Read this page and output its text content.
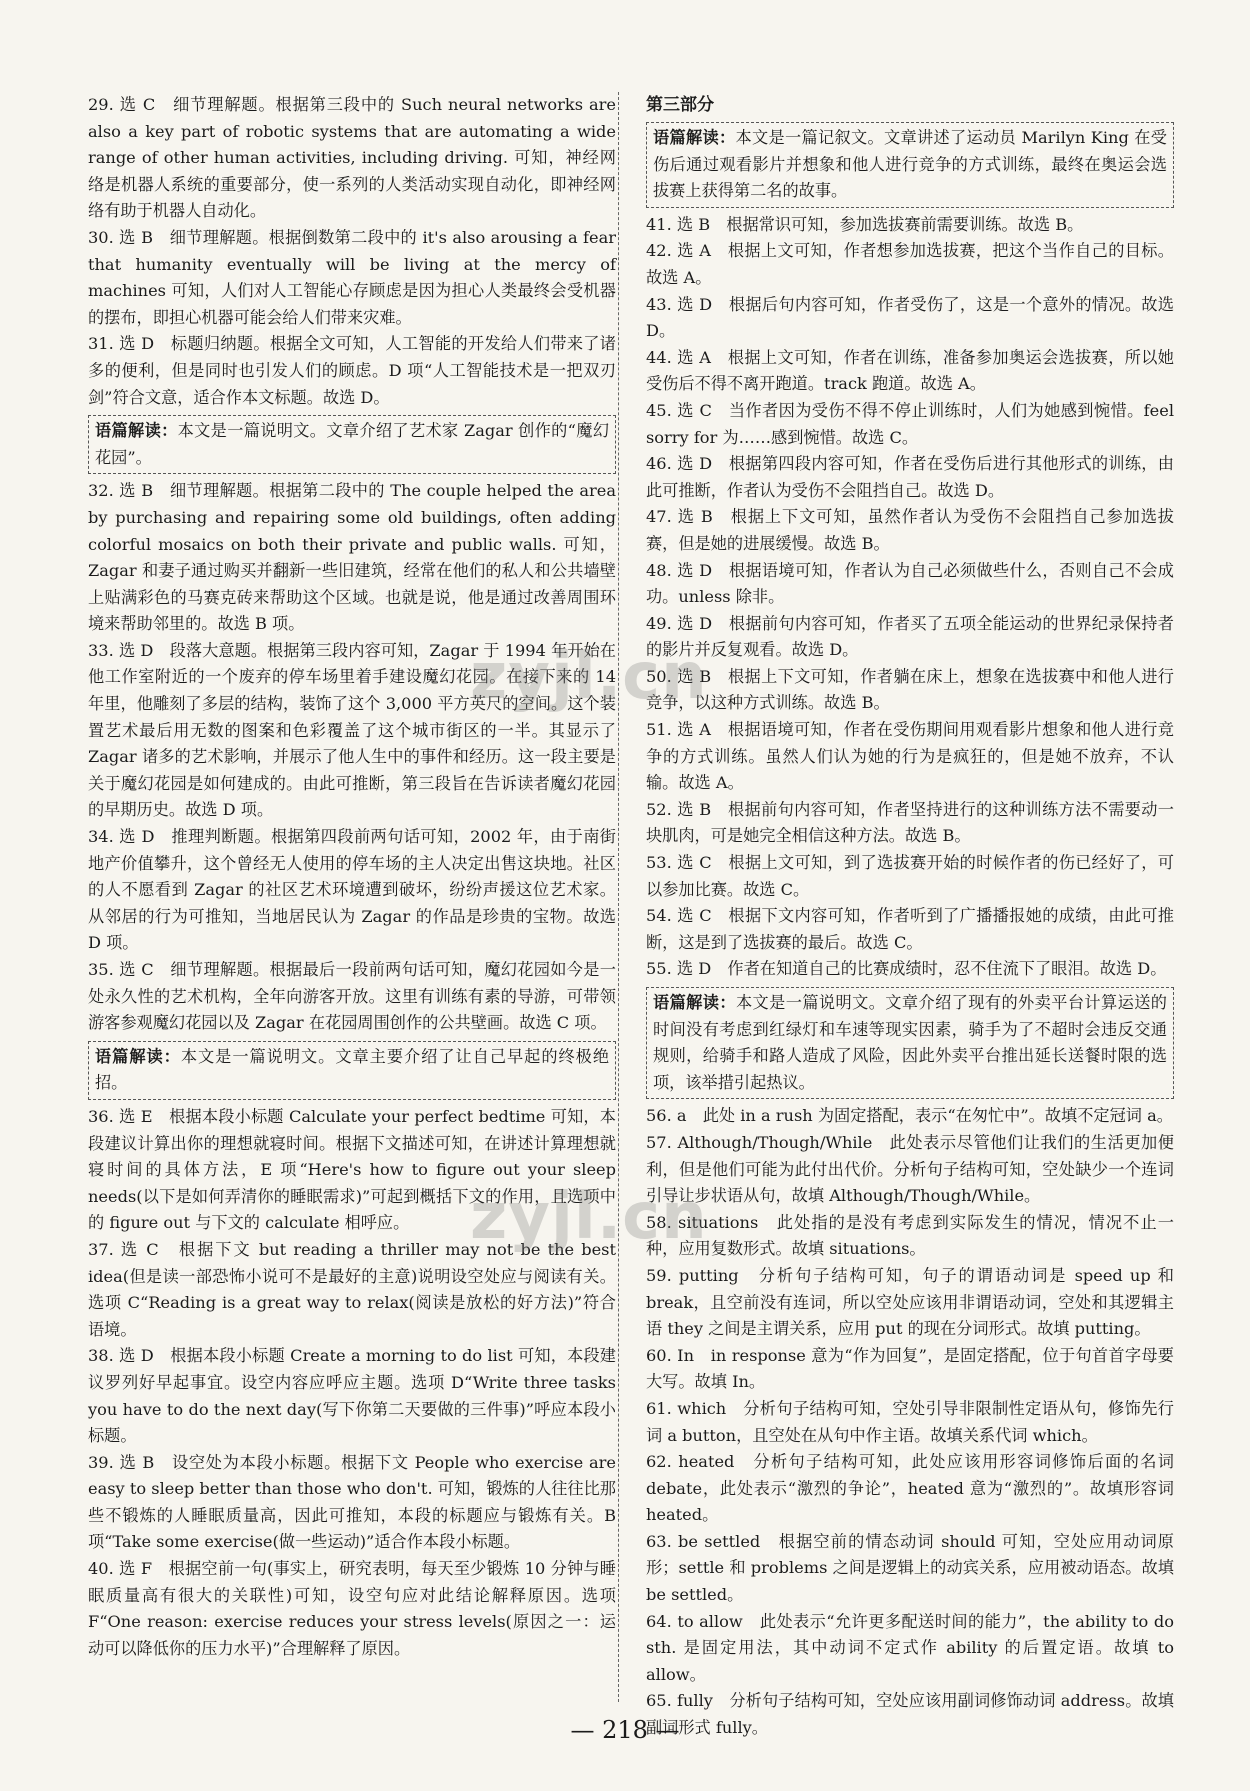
29. 选 C　细节理解题。根据第三段中的 Such neural networks are also a key part of robotic systems that are automating a wide range of other human activities, including driving. 可知，神经网络是机器人系统的重要部分，使一系列的人类活动实现自动化，即神经网络有助于机器人自动化。

30. 选 B　细节理解题。根据倒数第二段中的 it's also arousing a fear that humanity eventually will be living at the mercy of machines 可知，人们对人工智能心存顾虑是因为担心人类最终会受机器的摆布，即担心机器可能会给人们带来灾难。

31. 选 D　标题归纳题。根据全文可知，人工智能的开发给人们带来了诸多的便利，但是同时也引发人们的顾虑。D 项“人工智能技术是一把双刃剑”符合文意，适合作本文标题。故选 D。

语篇解读：本文是一篇说明文。文章介绍了艺术家 Zagar 创作的“魔幻花园”。

32. 选 B　细节理解题。根据第二段中的 The couple helped the area by purchasing and repairing some old buildings, often adding colorful mosaics on both their private and public walls. 可知，Zagar 和妻子通过购买并翻新一些旧建筑，经常在他们的私人和公共墙壁上贴满彩色的马赛克砖来帮助这个区域。也就是说，他是通过改善周围环境来帮助邻里的。故选 B 项。

33. 选 D　段落大意题。根据第三段内容可知，Zagar 于 1994 年开始在他工作室附近的一个废弃的停车场里着手建设魔幻花园。在接下来的 14 年里，他雕刻了多层的结构，装饰了这个 3,000 平方英尺的空间。这个装置艺术最后用无数的图案和色彩覆盖了这个城市街区的一半。其显示了 Zagar 诸多的艺术影响，并展示了他人生中的事件和经历。这一段主要是关于魔幻花园是如何建成的。由此可推断，第三段旨在告诉读者魔幻花园的早期历史。故选 D 项。

34. 选 D　推理判断题。根据第四段前两句话可知，2002 年，由于南街地产价值攀升，这个曾经无人使用的停车场的主人决定出售这块地。社区的人不愿看到 Zagar 的社区艺术环境遭到破坏，纷纷声援这位艺术家。从邻居的行为可推知，当地居民认为 Zagar 的作品是珍贵的宝物。故选 D 项。

35. 选 C　细节理解题。根据最后一段前两句话可知，魔幻花园如今是一处永久性的艺术机构，全年向游客开放。这里有训练有素的导游，可带领游客参观魔幻花园以及 Zagar 在花园周围创作的公共壁画。故选 C 项。

语篇解读：本文是一篇说明文。文章主要介绍了让自己早起的终极绝招。

36. 选 E　根据本段小标题 Calculate your perfect bedtime 可知，本段建议计算出你的理想就寝时间。根据下文描述可知，在讲述计算理想就寝时间的具体方法，E 项“Here's how to figure out your sleep needs(以下是如何弄清你的睡眠需求)”可起到概括下文的作用，且选项中的 figure out 与下文的 calculate 相呼应。

37. 选 C　根据下文 but reading a thriller may not be the best idea(但是读一部恐怖小说可不是最好的主意)说明设空处应与阅读有关。选项 C“Reading is a great way to relax(阅读是放松的好方法)”符合语境。

38. 选 D　根据本段小标题 Create a morning to do list 可知，本段建议罗列好早起事宜。设空内容应呼应主题。选项 D“Write three tasks you have to do the next day(写下你第二天要做的三件事)”呼应本段小标题。

39. 选 B　设空处为本段小标题。根据下文 People who exercise are easy to sleep better than those who don't. 可知，锻炼的人往往比那些不锻炼的人睡眠质量高，因此可推知，本段的标题应与锻炼有关。B 项“Take some exercise(做一些运动)”适合作本段小标题。

40. 选 F　根据空前一句(事实上，研究表明，每天至少锻炼 10 分钟与睡眠质量高有很大的关联性)可知，设空句应对此结论解释原因。选项 F“One reason: exercise reduces your stress levels(原因之一：运动可以降低你的压力水平)”合理解释了原因。

第三部分

语篇解读：本文是一篇记叙文。文章讲述了运动员 Marilyn King 在受伤后通过观看影片并想象和他人进行竞争的方式训练，最终在奥运会选拔赛上获得第二名的故事。

41. 选 B　根据常识可知，参加选拔赛前需要训练。故选 B。

42. 选 A　根据上文可知，作者想参加选拔赛，把这个当作自己的目标。故选 A。

43. 选 D　根据后句内容可知，作者受伤了，这是一个意外的情况。故选 D。

44. 选 A　根据上文可知，作者在训练，准备参加奥运会选拔赛，所以她受伤后不得不离开跑道。track 跑道。故选 A。

45. 选 C　当作者因为受伤不得不停止训练时，人们为她感到惋惜。feel sorry for 为……感到惋惜。故选 C。

46. 选 D　根据第四段内容可知，作者在受伤后进行其他形式的训练，由此可推断，作者认为受伤不会阻挡自己。故选 D。

47. 选 B　根据上下文可知，虽然作者认为受伤不会阻挡自己参加选拔赛，但是她的进展缓慢。故选 B。

48. 选 D　根据语境可知，作者认为自己必须做些什么，否则自己不会成功。unless 除非。

49. 选 D　根据前句内容可知，作者买了五项全能运动的世界纪录保持者的影片并反复观看。故选 D。

50. 选 B　根据上下文可知，作者躺在床上，想象在选拔赛中和他人进行竞争，以这种方式训练。故选 B。

51. 选 A　根据语境可知，作者在受伤期间用观看影片想象和他人进行竞争的方式训练。虽然人们认为她的行为是疯狂的，但是她不放弃，不认输。故选 A。

52. 选 B　根据前句内容可知，作者坚持进行的这种训练方法不需要动一块肌肉，可是她完全相信这种方法。故选 B。

53. 选 C　根据上文可知，到了选拔赛开始的时候作者的伤已经好了，可以参加比赛。故选 C。

54. 选 C　根据下文内容可知，作者听到了广播播报她的成绩，由此可推断，这是到了选拔赛的最后。故选 C。

55. 选 D　作者在知道自己的比赛成绩时，忍不住流下了眼泪。故选 D。

语篇解读：本文是一篇说明文。文章介绍了现有的外卖平台计算运送的时间没有考虑到红绿灯和车速等现实因素，骑手为了不超时会违反交通规则，给骑手和路人造成了风险，因此外卖平台推出延长送餐时限的选项，该举措引起热议。

56. a　此处 in a rush 为固定搭配，表示“在匆忙中”。故填不定冠词 a。

57. Although/Though/While　此处表示尽管他们让我们的生活更加便利，但是他们可能为此付出代价。分析句子结构可知，空处缺少一个连词引导让步状语从句，故填 Although/Though/While。

58. situations　此处指的是没有考虑到实际发生的情况，情况不止一种，应用复数形式。故填 situations。

59. putting　分析句子结构可知，句子的谓语动词是 speed up 和 break，且空前没有连词，所以空处应该用非谓语动词，空处和其逻辑主语 they 之间是主谓关系，应用 put 的现在分词形式。故填 putting。

60. In　in response 意为“作为回复”，是固定搭配，位于句首首字母要大写。故填 In。

61. which　分析句子结构可知，空处引导非限制性定语从句，修饰先行词 a button，且空处在从句中作主语。故填关系代词 which。

62. heated　分析句子结构可知，此处应该用形容词修饰后面的名词 debate，此处表示“激烈的争论”，heated 意为“激烈的”。故填形容词 heated。

63. be settled　根据空前的情态动词 should 可知，空处应用动词原形；settle 和 problems 之间是逻辑上的动宾关系，应用被动语态。故填 be settled。

64. to allow　此处表示“允许更多配送时间的能力”，the ability to do sth. 是固定用法，其中动词不定式作 ability 的后置定语。故填 to allow。

65. fully　分析句子结构可知，空处应该用副词修饰动词 address。故填副词形式 fully。

zyjl.cn
zyjl.cn
— 218 —
